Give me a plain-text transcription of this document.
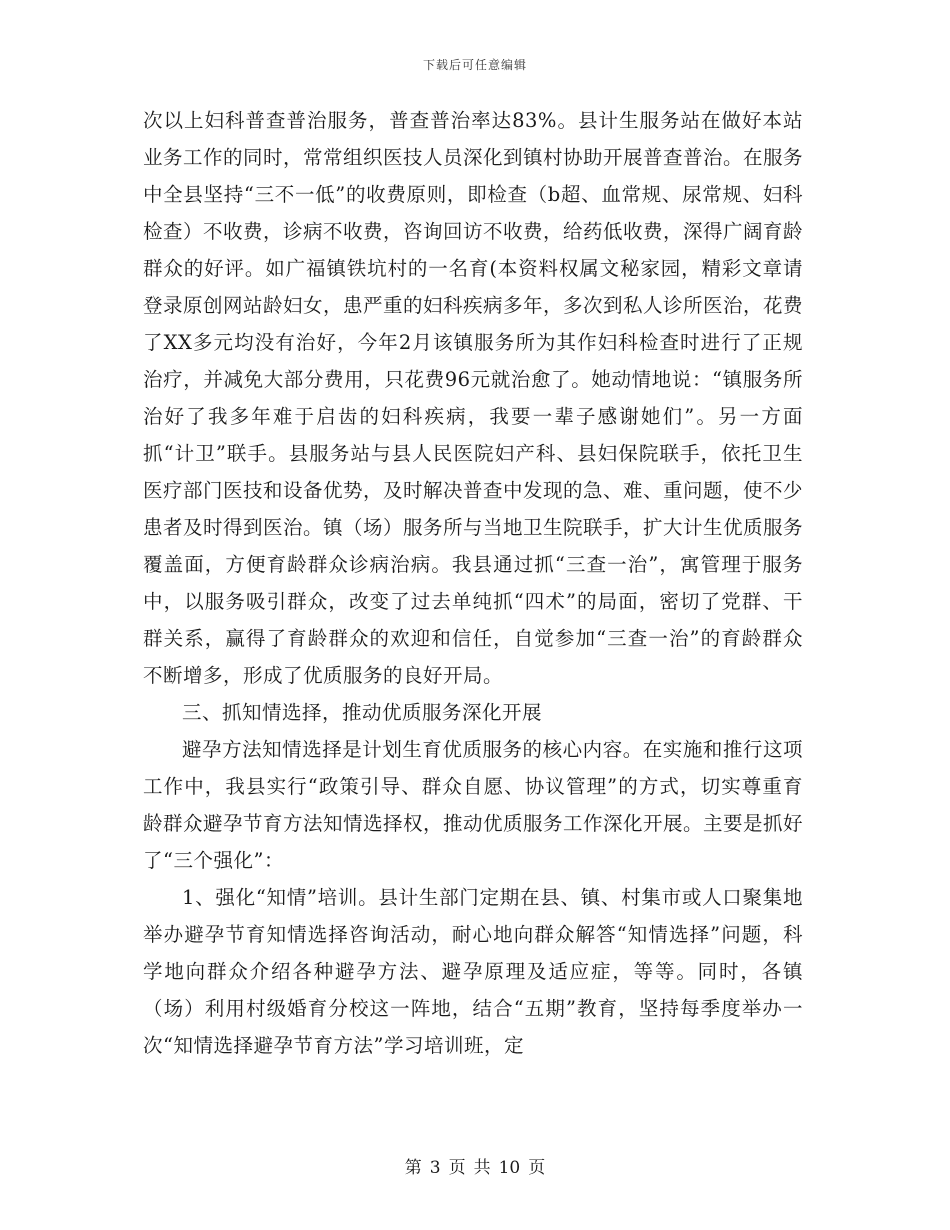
下载后可任意编辑

次以上妇科普查普治服务，普查普治率达83%。县计生服务站在做好本站业务工作的同时，常常组织医技人员深化到镇村协助开展普查普治。在服务中全县坚持“三不一低”的收费原则，即检查（b超、血常规、尿常规、妇科检查）不收费，诊病不收费，咨询回访不收费，给药低收费，深得广阔育龄群众的好评。如广福镇铁坑村的一名育(本资料权属文秘家园，精彩文章请登录原创网站龄妇女，患严重的妇科疾病多年，多次到私人诊所医治，花费了XX多元均没有治好，今年2月该镇服务所为其作妇科检查时进行了正规治疗，并减免大部分费用，只花费96元就治愈了。她动情地说：“镇服务所治好了我多年难于启齿的妇科疾病，我要一辈子感谢她们”。另一方面抓“计卫”联手。县服务站与县人民医院妇产科、县妇保院联手，依托卫生医疗部门医技和设备优势，及时解决普查中发现的急、难、重问题，使不少患者及时得到医治。镇（场）服务所与当地卫生院联手，扩大计生优质服务覆盖面，方便育龄群众诊病治病。我县通过抓“三查一治”，寓管理于服务中，以服务吸引群众，改变了过去单纯抓“四术”的局面，密切了党群、干群关系，赢得了育龄群众的欢迎和信任，自觉参加“三查一治”的育龄群众不断增多，形成了优质服务的良好开局。

三、抓知情选择，推动优质服务深化开展

避孕方法知情选择是计划生育优质服务的核心内容。在实施和推行这项工作中，我县实行“政策引导、群众自愿、协议管理”的方式，切实尊重育龄群众避孕节育方法知情选择权，推动优质服务工作深化开展。主要是抓好了“三个强化”：

1、强化“知情”培训。县计生部门定期在县、镇、村集市或人口聚集地举办避孕节育知情选择咨询活动，耐心地向群众解答“知情选择”问题，科学地向群众介绍各种避孕方法、避孕原理及适应症，等等。同时，各镇（场）利用村级婚育分校这一阵地，结合“五期”教育，坚持每季度举办一次“知情选择避孕节育方法”学习培训班，定

第 3 页 共 10 页
